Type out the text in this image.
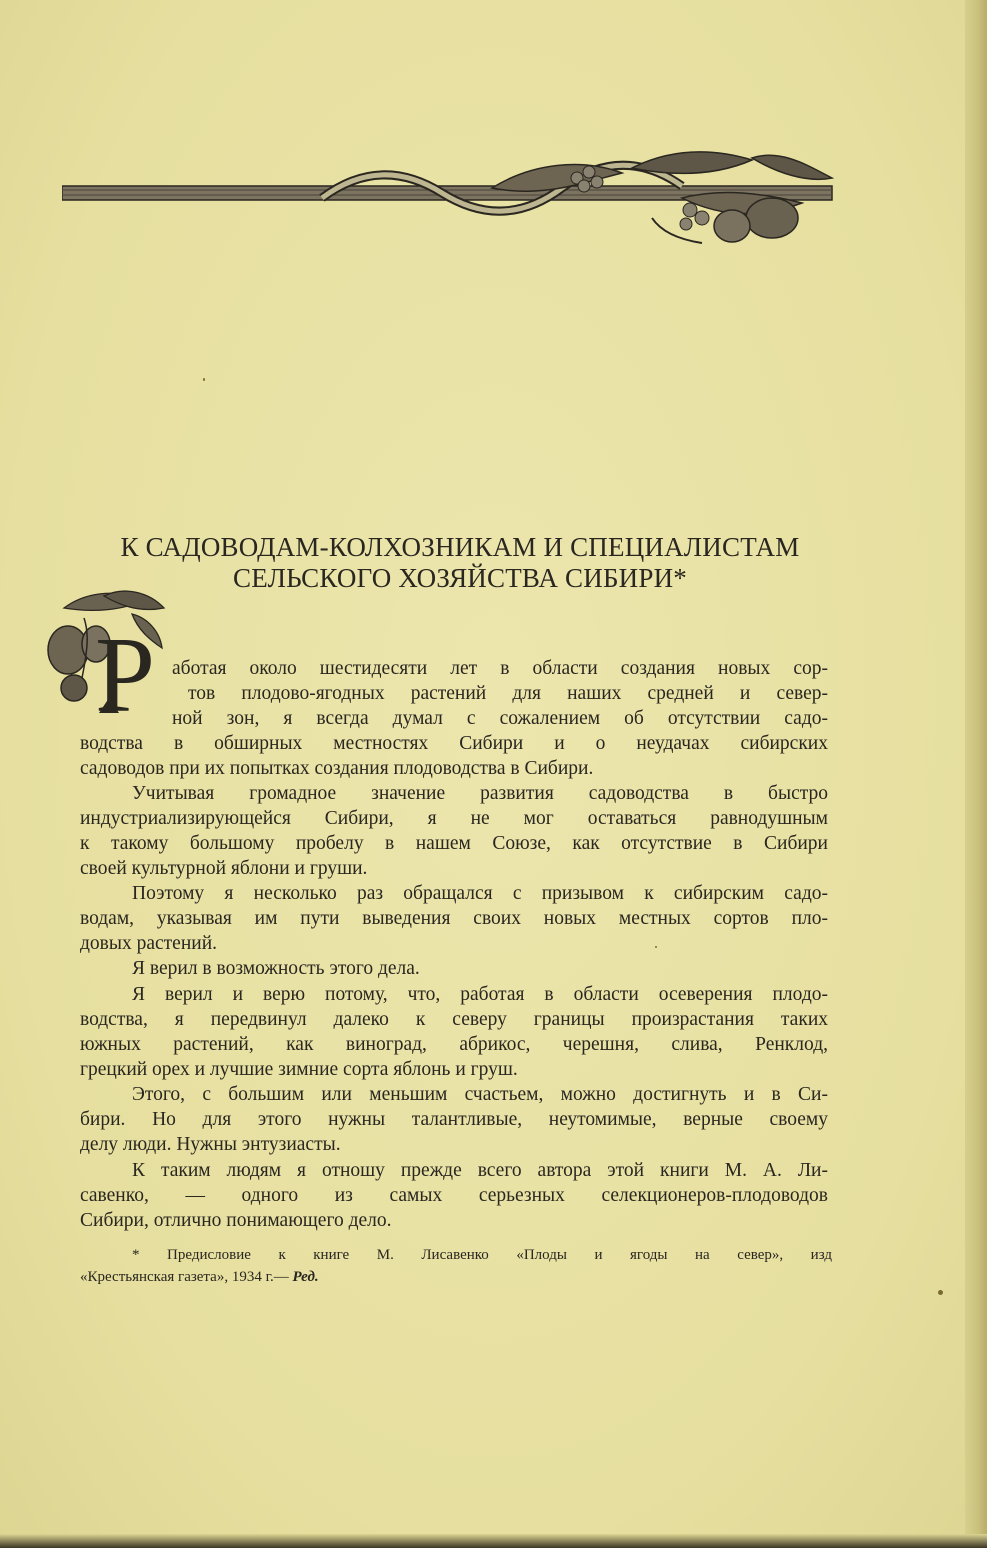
К САДОВОДАМ-КОЛХОЗНИКАМ И СПЕЦИАЛИСТАМ
СЕЛЬСКОГО ХОЗЯЙСТВА СИБИРИ*
Р аботая около шестидесяти лет в области создания новых сор-
тов плодово-ягодных растений для наших средней и север-
ной зон, я всегда думал с сожалением об отсутствии садо-
водства в обширных местностях Сибири и о неудачах сибирских
садоводов при их попытках создания плодоводства в Сибири.
Учитывая громадное значение развития садоводства в быстро
индустриализирующейся Сибири, я не мог оставаться равнодушным
к такому большому пробелу в нашем Союзе, как отсутствие в Сибири
своей культурной яблони и груши.
Поэтому я несколько раз обращался с призывом к сибирским садо-
водам, указывая им пути выведения своих новых местных сортов пло-
довых растений.
Я верил в возможность этого дела.
Я верил и верю потому, что, работая в области осеверения плодо-
водства, я передвинул далеко к северу границы произрастания таких
южных растений, как виноград, абрикос, черешня, слива, Ренклод,
грецкий орех и лучшие зимние сорта яблонь и груш.
Этого, с большим или меньшим счастьем, можно достигнуть и в Си-
бири. Но для этого нужны талантливые, неутомимые, верные своему
делу люди. Нужны энтузиасты.
К таким людям я отношу прежде всего автора этой книги М. А. Ли-
савенко, — одного из самых серьезных селекционеров-плодоводов
Сибири, отлично понимающего дело.
* Предисловие к книге М. Лисавенко «Плоды и ягоды на север», изд
«Крестьянская газета», 1934 г.— Ред.
